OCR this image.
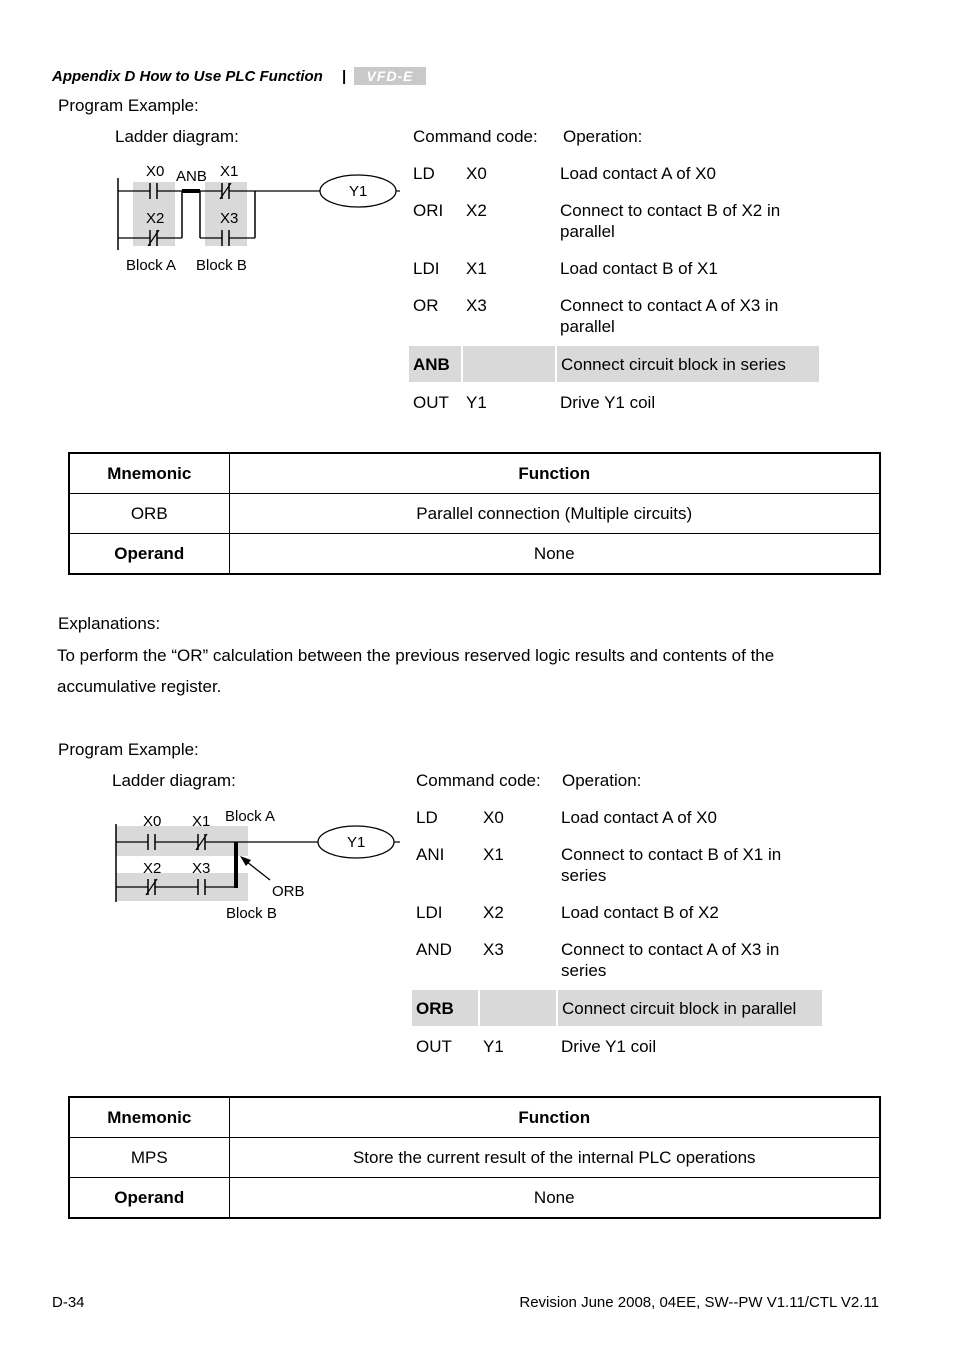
Appendix D How to Use PLC Function |	VFD-E
Program Example:
Ladder diagram:	Command code: Operation:
X0 ANB X1
X2	X3
Y1
Block A Block B
LD	X0	Load contact A of X0
ORI	X2	Connect to contact B of X2 in parallel
LDI	X1	Load contact B of X1
OR	X3	Connect to contact A of X3 in parallel
ANB		Connect circuit block in series
OUT	Y1	Drive Y1 coil
Mnemonic	Function
ORB	Parallel connection (Multiple circuits)
Operand	None
Explanations:
To perform the “OR” calculation between the previous reserved logic results and contents of the
accumulative register.
Program Example:
Ladder diagram:	Command code: Operation:
X0 X1 Block A
X2 X3
ORB
Block B
Y1
LD	X0	Load contact A of X0
ANI	X1	Connect to contact B of X1 in series
LDI	X2	Load contact B of X2
AND	X3	Connect to contact A of X3 in series
ORB		Connect circuit block in parallel
OUT	Y1	Drive Y1 coil
Mnemonic	Function
MPS	Store the current result of the internal PLC operations
Operand	None
D-34	Revision June 2008, 04EE, SW--PW V1.11/CTL V2.11
